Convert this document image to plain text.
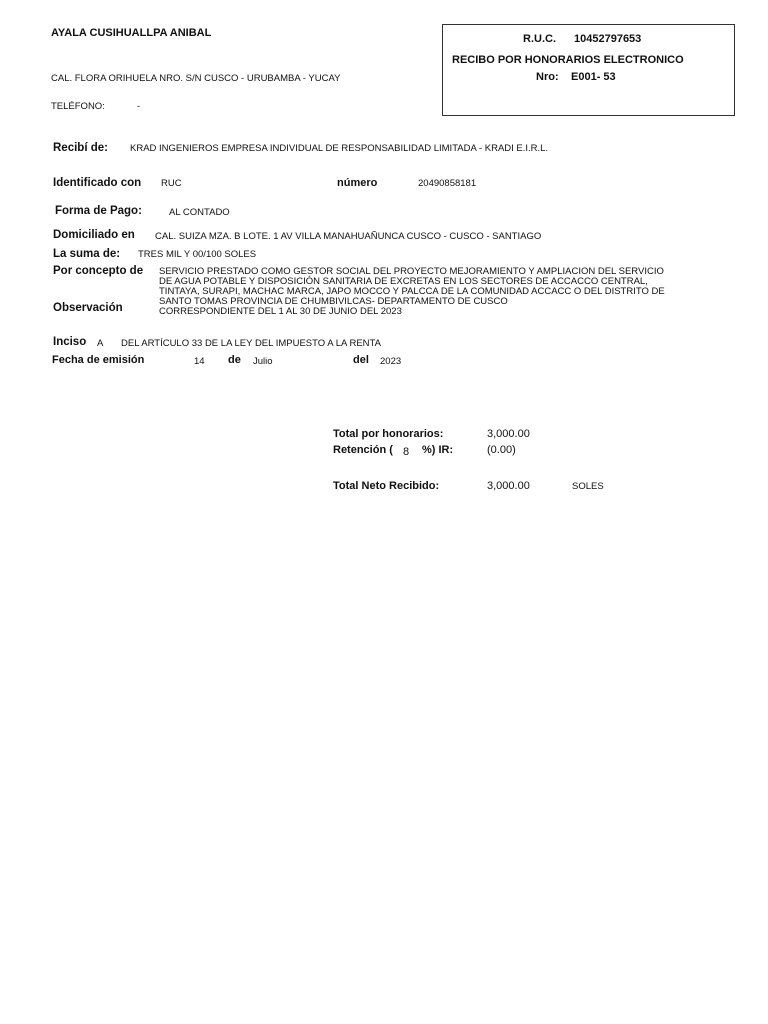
AYALA CUSIHUALLPA ANIBAL
CAL. FLORA ORIHUELA NRO. S/N CUSCO - URUBAMBA - YUCAY
TELÉFONO:	-
R.U.C. 10452797653
RECIBO POR HONORARIOS ELECTRONICO
Nro: E001- 53
Recibí de: KRAD INGENIEROS EMPRESA INDIVIDUAL DE RESPONSABILIDAD LIMITADA - KRADI E.I.R.L.
Identificado con RUC	número	20490858181
Forma de Pago:	AL CONTADO
Domiciliado en CAL. SUIZA MZA. B LOTE. 1 AV VILLA MANAHUAÑUNCA CUSCO - CUSCO - SANTIAGO
La suma de: TRES MIL Y 00/100 SOLES
Por concepto de SERVICIO PRESTADO COMO GESTOR SOCIAL DEL PROYECTO MEJORAMIENTO Y AMPLIACION DEL SERVICIO
DE AGUA POTABLE Y DISPOSICIÓN SANITARIA DE EXCRETAS EN LOS SECTORES DE ACCACCO CENTRAL,
TINTAYA, SURAPI, MACHAC MARCA, JAPO MOCCO Y PALCCA DE LA COMUNIDAD ACCACC O DEL DISTRITO DE
SANTO TOMAS PROVINCIA DE CHUMBIVILCAS- DEPARTAMENTO DE CUSCO
CORRESPONDIENTE DEL 1 AL 30 DE JUNIO DEL 2023
Observación
Inciso A DEL ARTÍCULO 33 DE LA LEY DEL IMPUESTO A LA RENTA
Fecha de emisión	14 de Julio	del 2023
Total por honorarios:	3,000.00
Retención ( 8 %) IR:	(0.00)
Total Neto Recibido:	3,000.00	SOLES
